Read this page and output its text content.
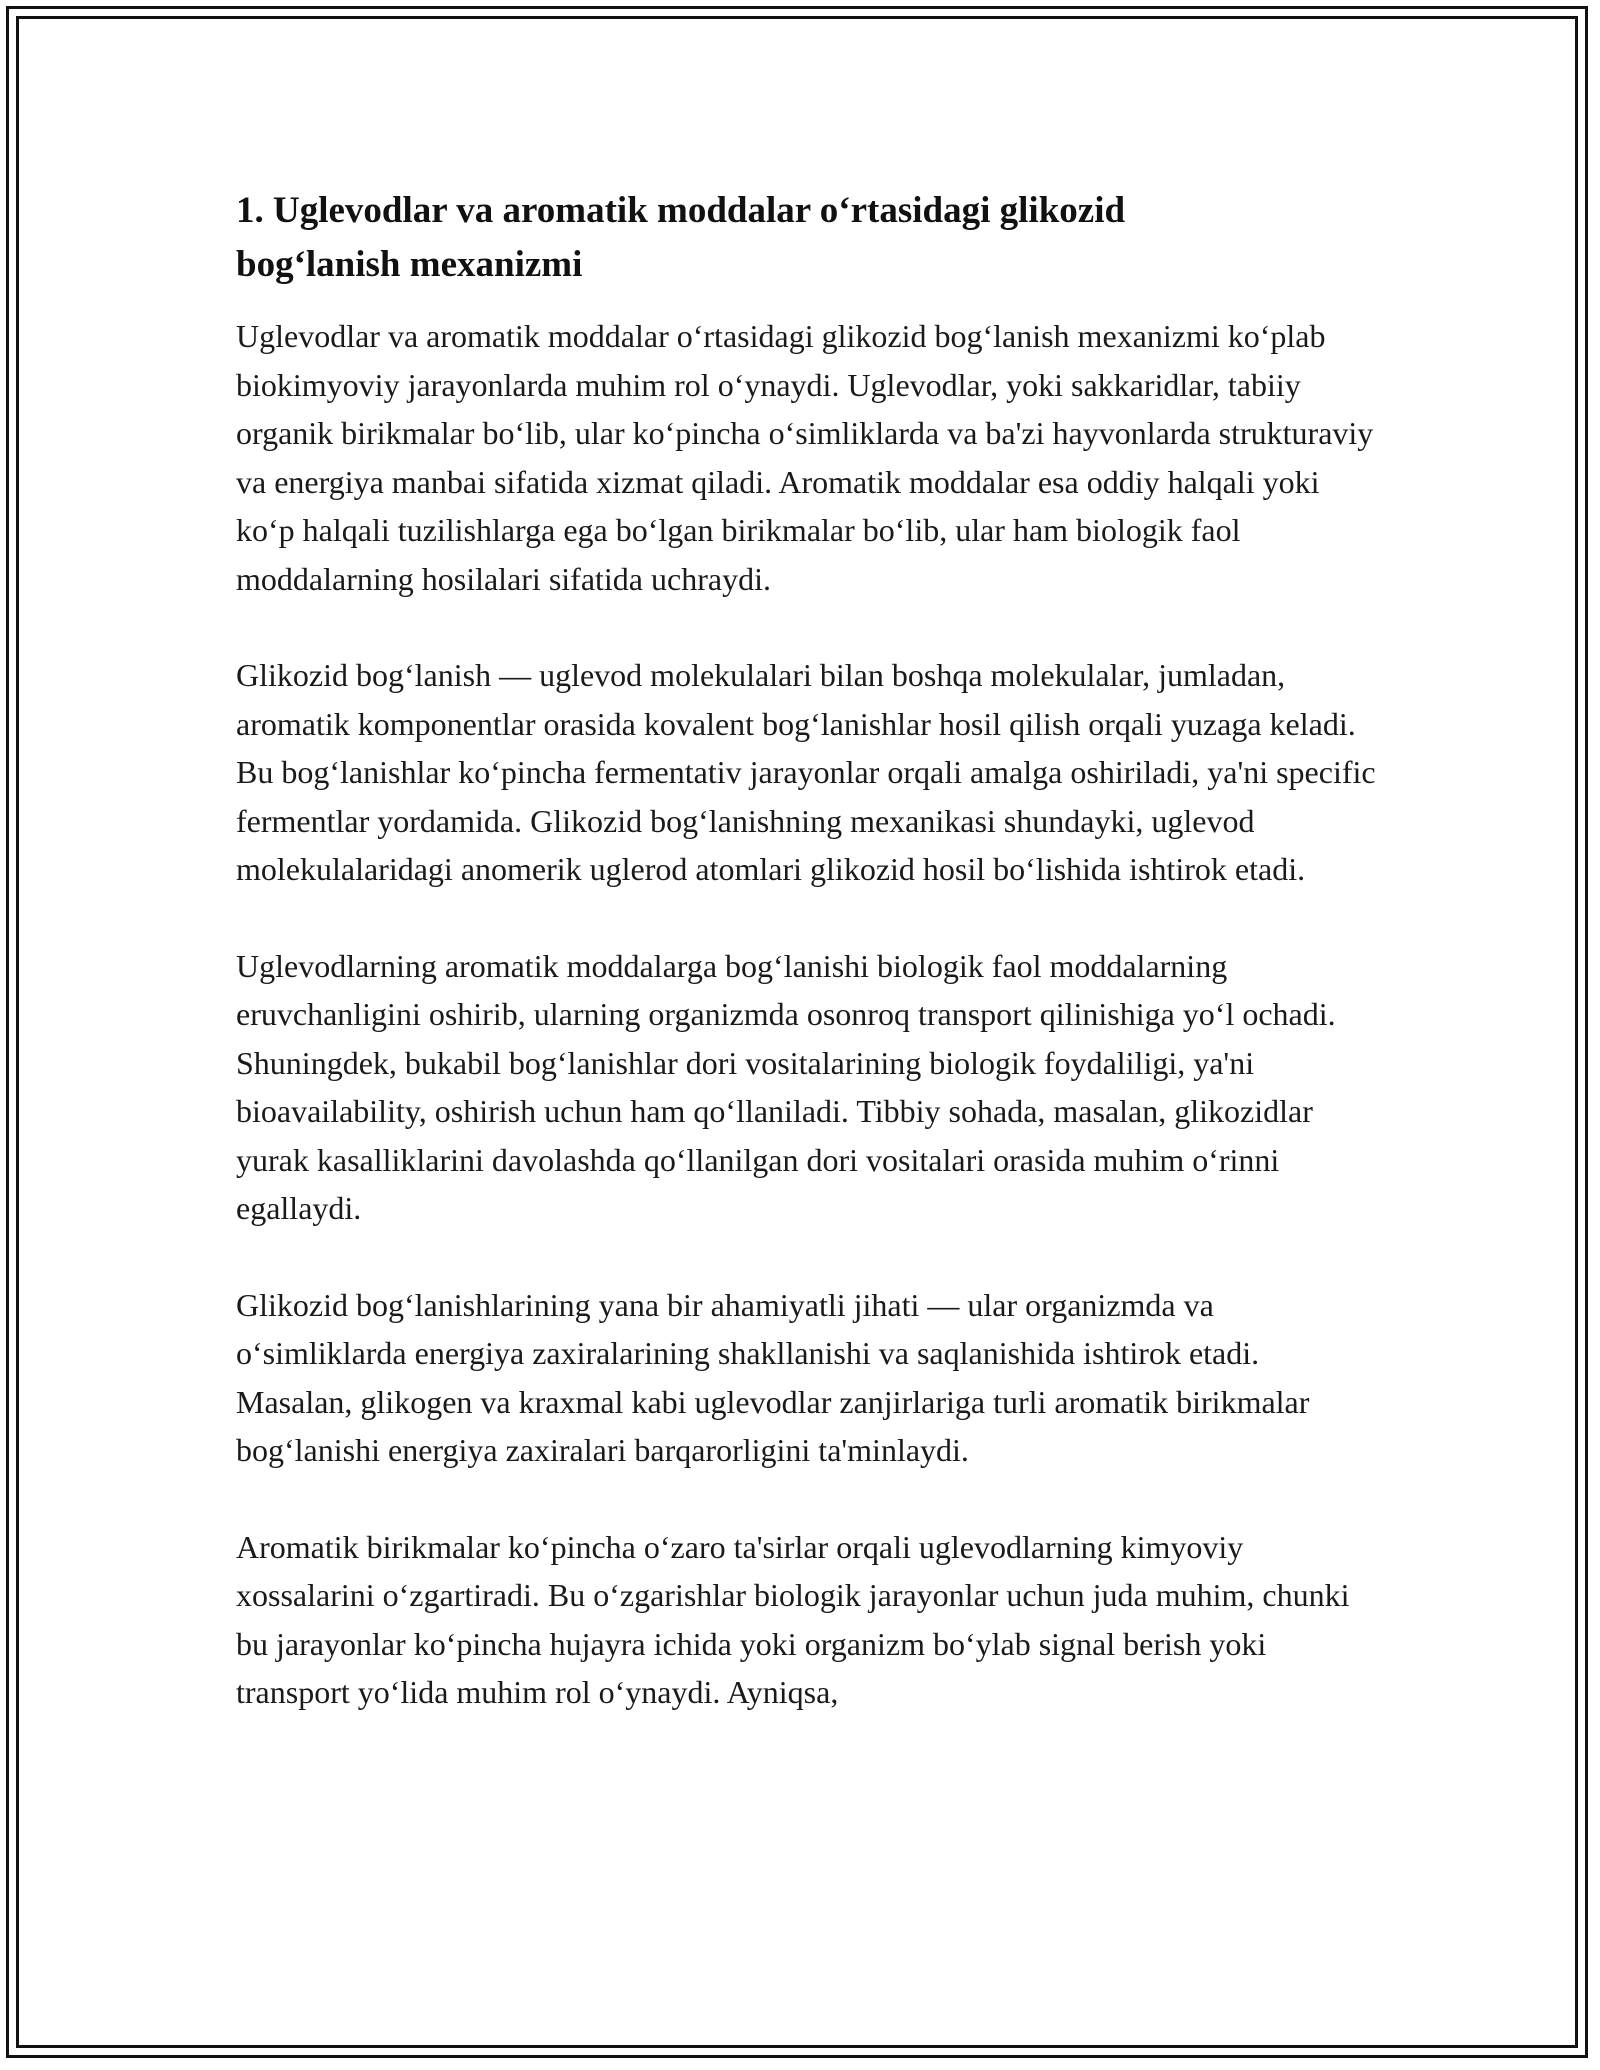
1. Uglevodlar va aromatik moddalar o‘rtasidagi glikozid
bog‘lanish mexanizmi

Uglevodlar va aromatik moddalar o‘rtasidagi glikozid bog‘lanish mexanizmi ko‘plab biokimyoviy jarayonlarda muhim rol o‘ynaydi. Uglevodlar, yoki sakkaridlar, tabiiy organik birikmalar bo‘lib, ular ko‘pincha o‘simliklarda va ba'zi hayvonlarda strukturaviy va energiya manbai sifatida xizmat qiladi. Aromatik moddalar esa oddiy halqali yoki ko‘p halqali tuzilishlarga ega bo‘lgan birikmalar bo‘lib, ular ham biologik faol moddalarning hosilalari sifatida uchraydi.

Glikozid bog‘lanish — uglevod molekulalari bilan boshqa molekulalar, jumladan, aromatik komponentlar orasida kovalent bog‘lanishlar hosil qilish orqali yuzaga keladi. Bu bog‘lanishlar ko‘pincha fermentativ jarayonlar orqali amalga oshiriladi, ya'ni specific fermentlar yordamida. Glikozid bog‘lanishning mexanikasi shundayki, uglevod molekulalaridagi anomerik uglerod atomlari glikozid hosil bo‘lishida ishtirok etadi.

Uglevodlarning aromatik moddalarga bog‘lanishi biologik faol moddalarning eruvchanligini oshirib, ularning organizmda osonroq transport qilinishiga yo‘l ochadi. Shuningdek, bukabil bog‘lanishlar dori vositalarining biologik foydaliligi, ya'ni bioavailability, oshirish uchun ham qo‘llaniladi. Tibbiy sohada, masalan, glikozidlar yurak kasalliklarini davolashda qo‘llanilgan dori vositalari orasida muhim o‘rinni egallaydi.

Glikozid bog‘lanishlarining yana bir ahamiyatli jihati — ular organizmda va o‘simliklarda energiya zaxiralarining shakllanishi va saqlanishida ishtirok etadi. Masalan, glikogen va kraxmal kabi uglevodlar zanjirlariga turli aromatik birikmalar bog‘lanishi energiya zaxiralari barqarorligini ta'minlaydi.

Aromatik birikmalar ko‘pincha o‘zaro ta'sirlar orqali uglevodlarning kimyoviy xossalarini o‘zgartiradi. Bu o‘zgarishlar biologik jarayonlar uchun juda muhim, chunki bu jarayonlar ko‘pincha hujayra ichida yoki organizm bo‘ylab signal berish yoki transport yo‘lida muhim rol o‘ynaydi. Ayniqsa,
